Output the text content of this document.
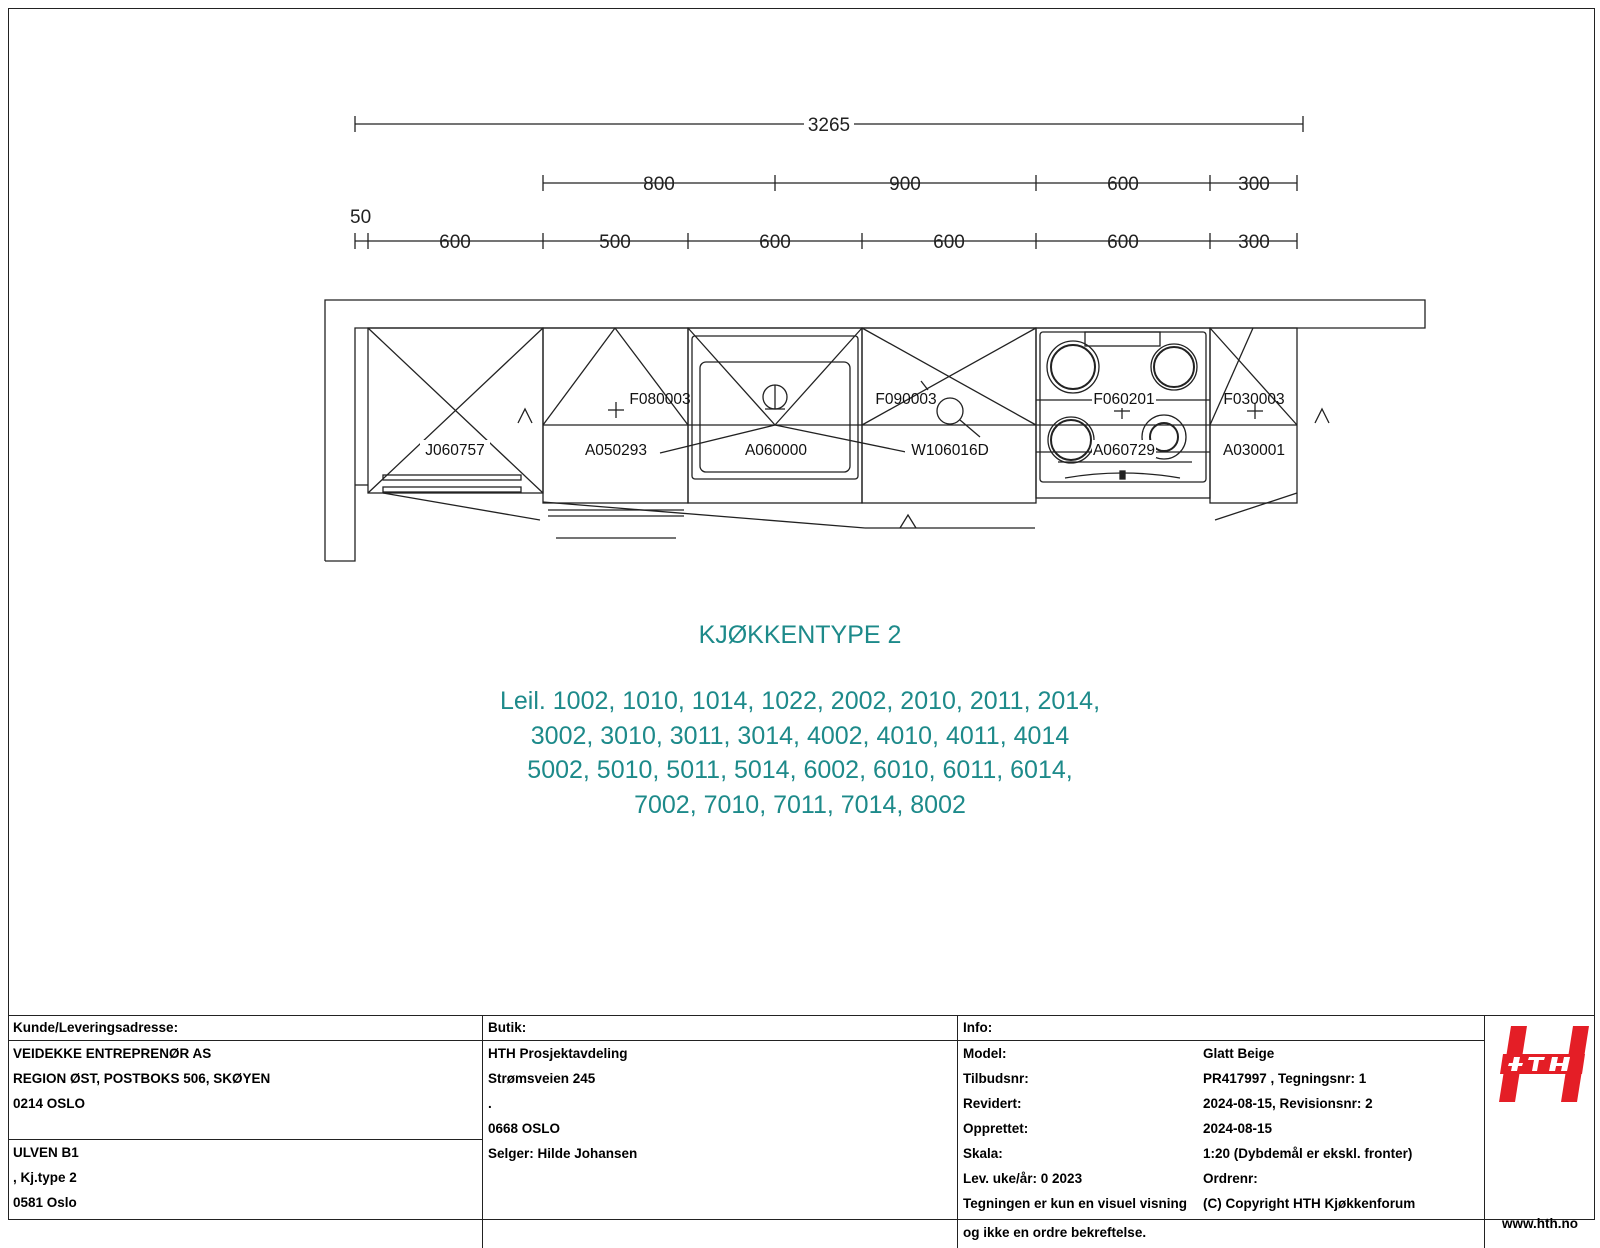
3265
800	900	600	300
50
600	500	600	600	600	300
J060757	A050293
F080003
A060000
F090003
W106016D
F060201
A060729
F030003
A030001

KJØKKENTYPE 2

Leil. 1002, 1010, 1014, 1022, 2002, 2010, 2011, 2014,
3002, 3010, 3011, 3014, 4002, 4010, 4011, 4014
5002, 5010, 5011, 5014, 6002, 6010, 6011, 6014,
7002, 7010, 7011, 7014, 8002
Kunde/Leveringsadresse:
VEIDEKKE ENTREPRENØR AS
REGION ØST, POSTBOKS 506, SKØYEN
0214 OSLO
ULVEN B1
, Kj.type 2
0581 Oslo
Butik:
HTH Prosjektavdeling
Strømsveien 245
.
0668 OSLO
Selger: Hilde Johansen
Info:
Model:	Glatt Beige
Tilbudsnr:	PR417997 , Tegningsnr: 1
Revidert:	2024-08-15, Revisionsnr: 2
Opprettet:	2024-08-15
Skala:	1:20 (Dybdemål er ekskl. fronter)
Lev. uke/år: 0 2023	Ordrenr:
Tegningen er kun en visuel visning (C) Copyright HTH Kjøkkenforum
og ikke en ordre bekreftelse.
www.hth.no
